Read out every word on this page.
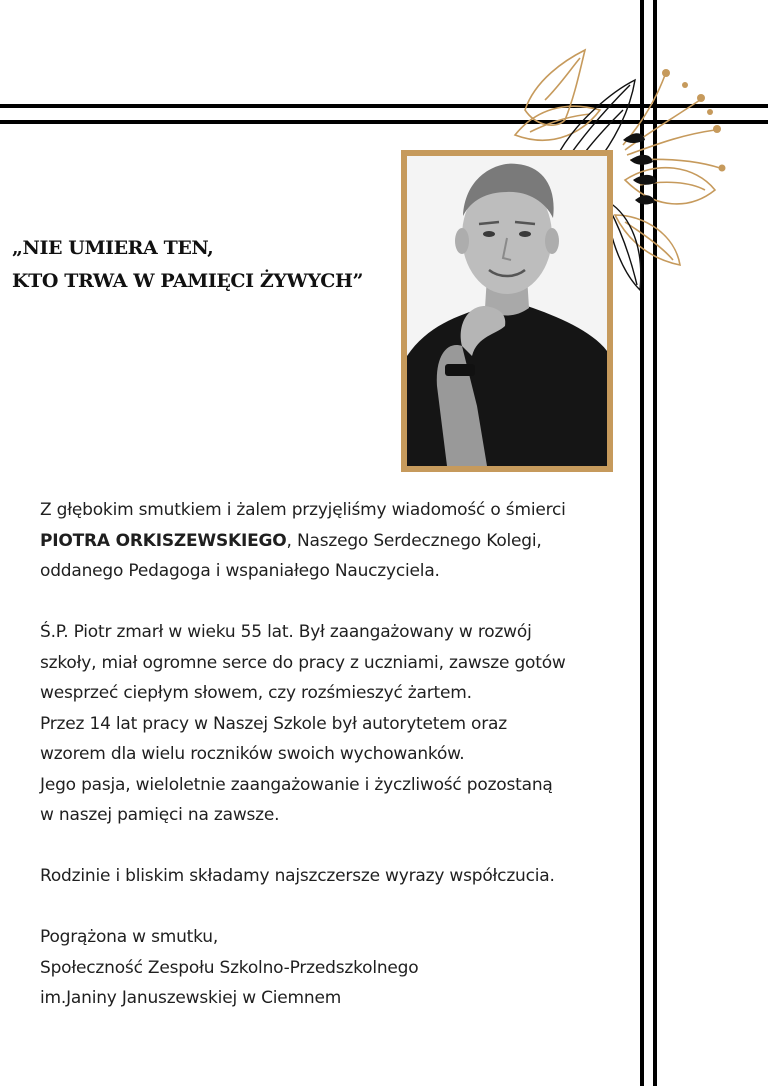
„NIE UMIERA TEN,
KTO TRWA W PAMIĘCI ŻYWYCH”

Z głębokim smutkiem i żalem przyjęliśmy wiadomość o śmierci
PIOTRA ORKISZEWSKIEGO, Naszego Serdecznego Kolegi,
oddanego Pedagoga i wspaniałego Nauczyciela.

Ś.P. Piotr zmarł w wieku 55 lat. Był zaangażowany w rozwój
szkoły, miał ogromne serce do pracy z uczniami, zawsze gotów
wesprzeć ciepłym słowem, czy rozśmieszyć żartem.
Przez 14 lat pracy w Naszej Szkole był autorytetem oraz
wzorem dla wielu roczników swoich wychowanków.
Jego pasja, wieloletnie zaangażowanie i życzliwość pozostaną
w naszej pamięci na zawsze.

Rodzinie i bliskim składamy najszczersze wyrazy współczucia.

Pogrążona w smutku,
Społeczność Zespołu Szkolno-Przedszkolnego
im.Janiny Januszewskiej w Ciemnem
